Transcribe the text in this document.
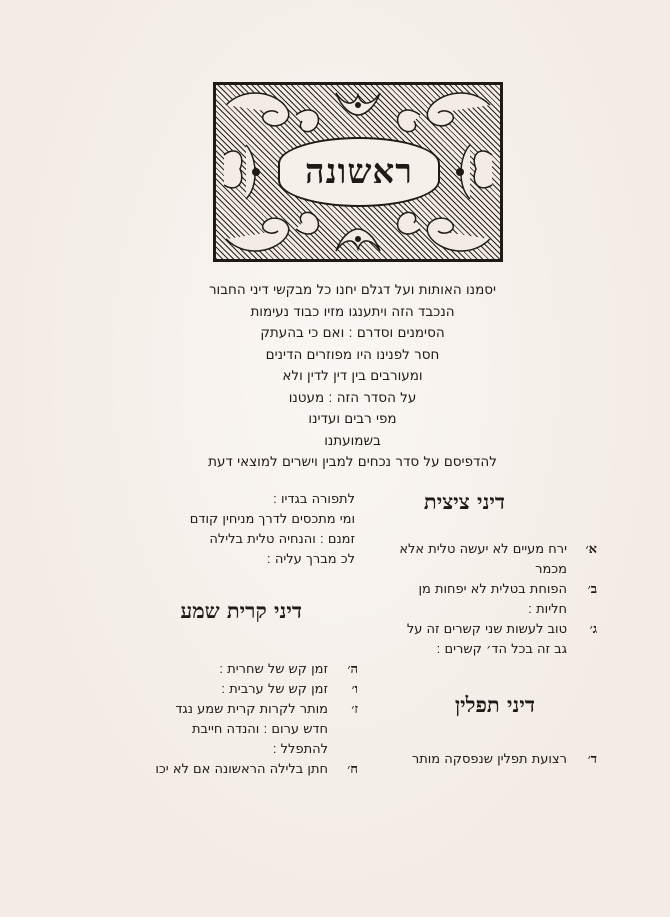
ראשונה
יסמנו האותות ועל דגלם יחנו כל מבקשי דיני החבור
הנכבד הזה ויתענגו מזיו כבוד נעימות
הסימנים וסדרם ׃ ואם כי בהעתק
חסר לפנינו היו מפוזרים הדינים
ומעורבים בין דין לדין ולא
על הסדר הזה ׃ מעטנו
מפי רבים ועדינו
בשמועתנו
להדפיסם על סדר נכחים למבין וישרים למוצאי דעת
לתפורה בגדיו ׃
ומי מתכסים לדרך מניחין קודם
זמנם ׃ והנחיה טלית בלילה
לכ מברך עליה ׃
דיני ציצית
א׳
ירח מעיים לא יעשה טלית אלא
מכמר
ב׳
הפוחת בטלית לא יפחות מן
חליות ׃
ג׳
טוב לעשות שני קשרים זה על
גב זה בכל הד׳ קשרים ׃
דיני תפלין
ד׳
רצועת תפלין שנפסקה מותר
דיני קרית שמע
ה׳
זמן קש של שחרית ׃
ו׳
זמן קש של ערבית ׃
ז׳
מותר לקרות קרית שמע נגד
חדש ערום ׃ והנדה חייבת
להתפלל ׃
ח׳
חתן בלילה הראשונה אם לא יכו
